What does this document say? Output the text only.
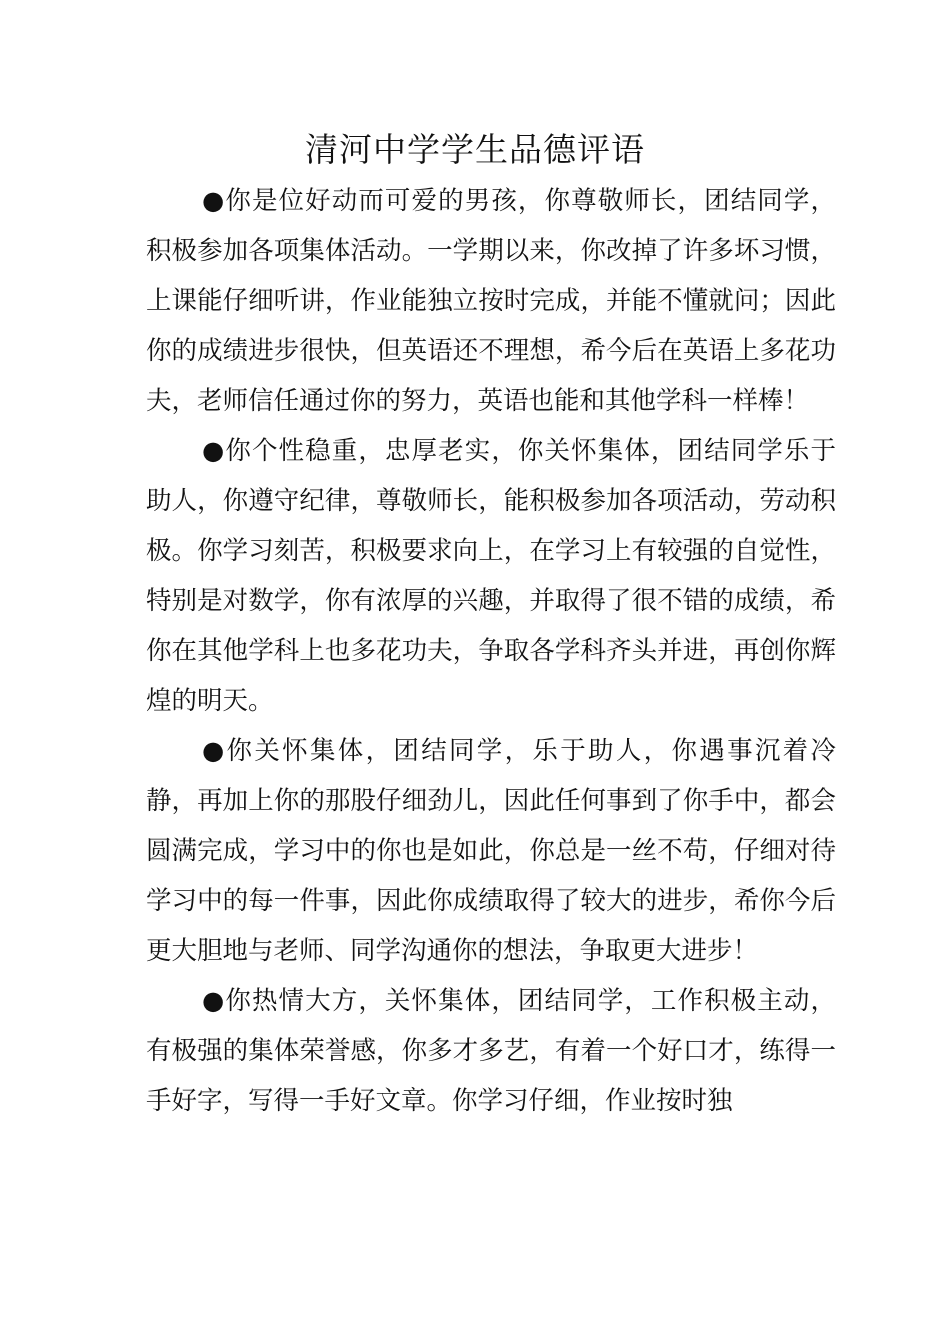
清河中学学生品德评语

●你是位好动而可爱的男孩，你尊敬师长，团结同学，积极参加各项集体活动。一学期以来，你改掉了许多坏习惯，上课能仔细听讲，作业能独立按时完成，并能不懂就问；因此你的成绩进步很快，但英语还不理想，希今后在英语上多花功夫，老师信任通过你的努力，英语也能和其他学科一样棒！

●你个性稳重，忠厚老实，你关怀集体，团结同学乐于助人，你遵守纪律，尊敬师长，能积极参加各项活动，劳动积极。你学习刻苦，积极要求向上，在学习上有较强的自觉性，特别是对数学，你有浓厚的兴趣，并取得了很不错的成绩，希你在其他学科上也多花功夫，争取各学科齐头并进，再创你辉煌的明天。

●你关怀集体，团结同学，乐于助人，你遇事沉着冷静，再加上你的那股仔细劲儿，因此任何事到了你手中，都会圆满完成，学习中的你也是如此，你总是一丝不苟，仔细对待学习中的每一件事，因此你成绩取得了较大的进步，希你今后更大胆地与老师、同学沟通你的想法，争取更大进步！

●你热情大方，关怀集体，团结同学，工作积极主动，有极强的集体荣誉感，你多才多艺，有着一个好口才，练得一手好字，写得一手好文章。你学习仔细，作业按时独
